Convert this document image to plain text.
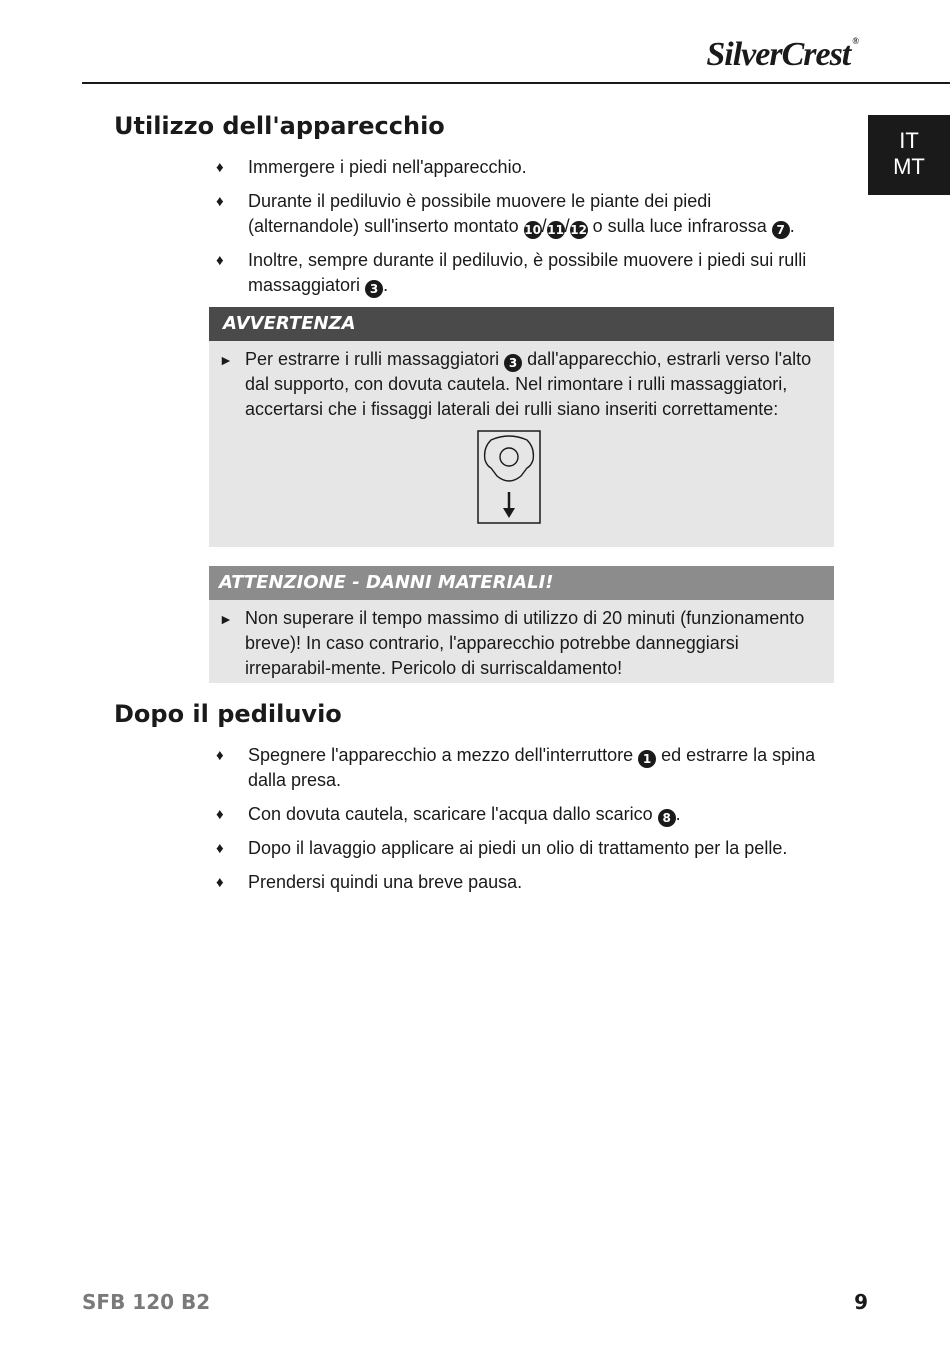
SilverCrest ®
IT
MT
Utilizzo dell'apparecchio
♦ Immergere i piedi nell'apparecchio.
♦ Durante il pediluvio è possibile muovere le piante dei piedi (alternandole) sull'inserto montato 10/11/12 o sulla luce infrarossa 7 .
♦ Inoltre, sempre durante il pediluvio, è possibile muovere i piedi sui rulli massaggiatori 3 .
AVVERTENZA
► Per estrarre i rulli massaggiatori 3 dall'apparecchio, estrarli verso l'alto dal supporto, con dovuta cautela. Nel rimontare i rulli massaggiatori, accertarsi che i fissaggi laterali dei rulli siano inseriti correttamente:
ATTENZIONE - DANNI MATERIALI!
► Non superare il tempo massimo di utilizzo di 20 minuti (funzionamento breve)! In caso contrario, l'apparecchio potrebbe danneggiarsi irreparabil-mente. Pericolo di surriscaldamento!
Dopo il pediluvio
♦ Spegnere l'apparecchio a mezzo dell'interruttore 1 ed estrarre la spina dalla presa.
♦ Con dovuta cautela, scaricare l'acqua dallo scarico 8 .
♦ Dopo il lavaggio applicare ai piedi un olio di trattamento per la pelle.
♦ Prendersi quindi una breve pausa.
SFB 120 B2	9
